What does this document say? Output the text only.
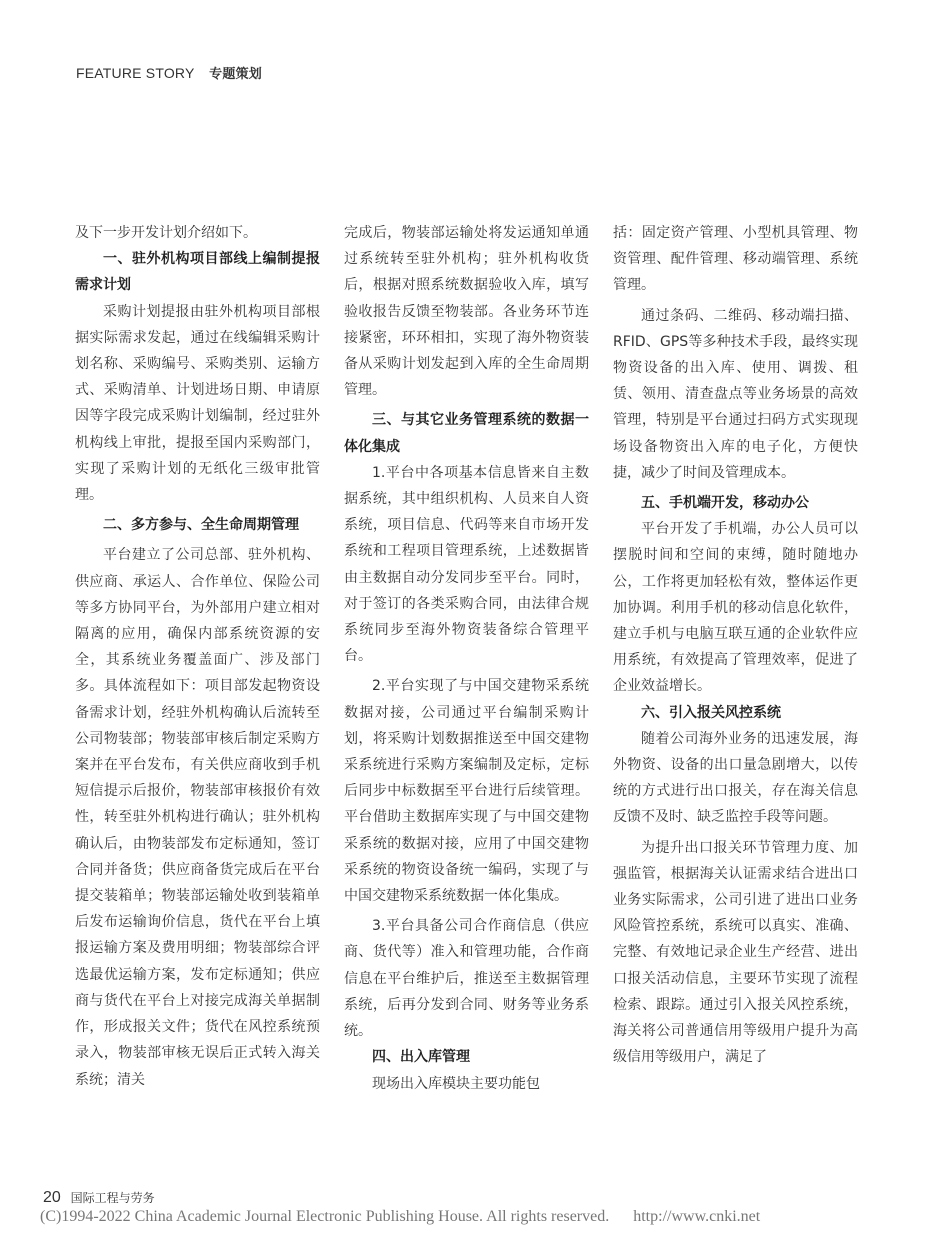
FEATURE STORY 专题策划

及下一步开发计划介绍如下。

一、驻外机构项目部线上编制提报需求计划

采购计划提报由驻外机构项目部根据实际需求发起，通过在线编辑采购计划名称、采购编号、采购类别、运输方式、采购清单、计划进场日期、申请原因等字段完成采购计划编制，经过驻外机构线上审批，提报至国内采购部门，实现了采购计划的无纸化三级审批管理。

二、多方参与、全生命周期管理

平台建立了公司总部、驻外机构、供应商、承运人、合作单位、保险公司等多方协同平台，为外部用户建立相对隔离的应用，确保内部系统资源的安全，其系统业务覆盖面广、涉及部门多。具体流程如下：项目部发起物资设备需求计划，经驻外机构确认后流转至公司物装部；物装部审核后制定采购方案并在平台发布，有关供应商收到手机短信提示后报价，物装部审核报价有效性，转至驻外机构进行确认；驻外机构确认后，由物装部发布定标通知，签订合同并备货；供应商备货完成后在平台提交装箱单；物装部运输处收到装箱单后发布运输询价信息，货代在平台上填报运输方案及费用明细；物装部综合评选最优运输方案，发布定标通知；供应商与货代在平台上对接完成海关单据制作，形成报关文件；货代在风控系统预录入，物装部审核无误后正式转入海关系统；清关

完成后，物装部运输处将发运通知单通过系统转至驻外机构；驻外机构收货后，根据对照系统数据验收入库，填写验收报告反馈至物装部。各业务环节连接紧密，环环相扣，实现了海外物资装备从采购计划发起到入库的全生命周期管理。

三、与其它业务管理系统的数据一体化集成

1.平台中各项基本信息皆来自主数据系统，其中组织机构、人员来自人资系统，项目信息、代码等来自市场开发系统和工程项目管理系统，上述数据皆由主数据自动分发同步至平台。同时，对于签订的各类采购合同，由法律合规系统同步至海外物资装备综合管理平台。

2.平台实现了与中国交建物采系统数据对接，公司通过平台编制采购计划，将采购计划数据推送至中国交建物采系统进行采购方案编制及定标，定标后同步中标数据至平台进行后续管理。平台借助主数据库实现了与中国交建物采系统的数据对接，应用了中国交建物采系统的物资设备统一编码，实现了与中国交建物采系统数据一体化集成。

3.平台具备公司合作商信息（供应商、货代等）准入和管理功能，合作商信息在平台维护后，推送至主数据管理系统，后再分发到合同、财务等业务系统。

四、出入库管理

现场出入库模块主要功能包

括：固定资产管理、小型机具管理、物资管理、配件管理、移动端管理、系统管理。

通过条码、二维码、移动端扫描、RFID、GPS等多种技术手段，最终实现物资设备的出入库、使用、调拨、租赁、领用、清查盘点等业务场景的高效管理，特别是平台通过扫码方式实现现场设备物资出入库的电子化，方便快捷，减少了时间及管理成本。

五、手机端开发，移动办公

平台开发了手机端，办公人员可以摆脱时间和空间的束缚，随时随地办公，工作将更加轻松有效，整体运作更加协调。利用手机的移动信息化软件，建立手机与电脑互联互通的企业软件应用系统，有效提高了管理效率，促进了企业效益增长。

六、引入报关风控系统

随着公司海外业务的迅速发展，海外物资、设备的出口量急剧增大，以传统的方式进行出口报关，存在海关信息反馈不及时、缺乏监控手段等问题。

为提升出口报关环节管理力度、加强监管，根据海关认证需求结合进出口业务实际需求，公司引进了进出口业务风险管控系统，系统可以真实、准确、完整、有效地记录企业生产经营、进出口报关活动信息，主要环节实现了流程检索、跟踪。通过引入报关风控系统，海关将公司普通信用等级用户提升为高级信用等级用户，满足了

20 国际工程与劳务
(C)1994-2022 China Academic Journal Electronic Publishing House. All rights reserved. http://www.cnki.net
